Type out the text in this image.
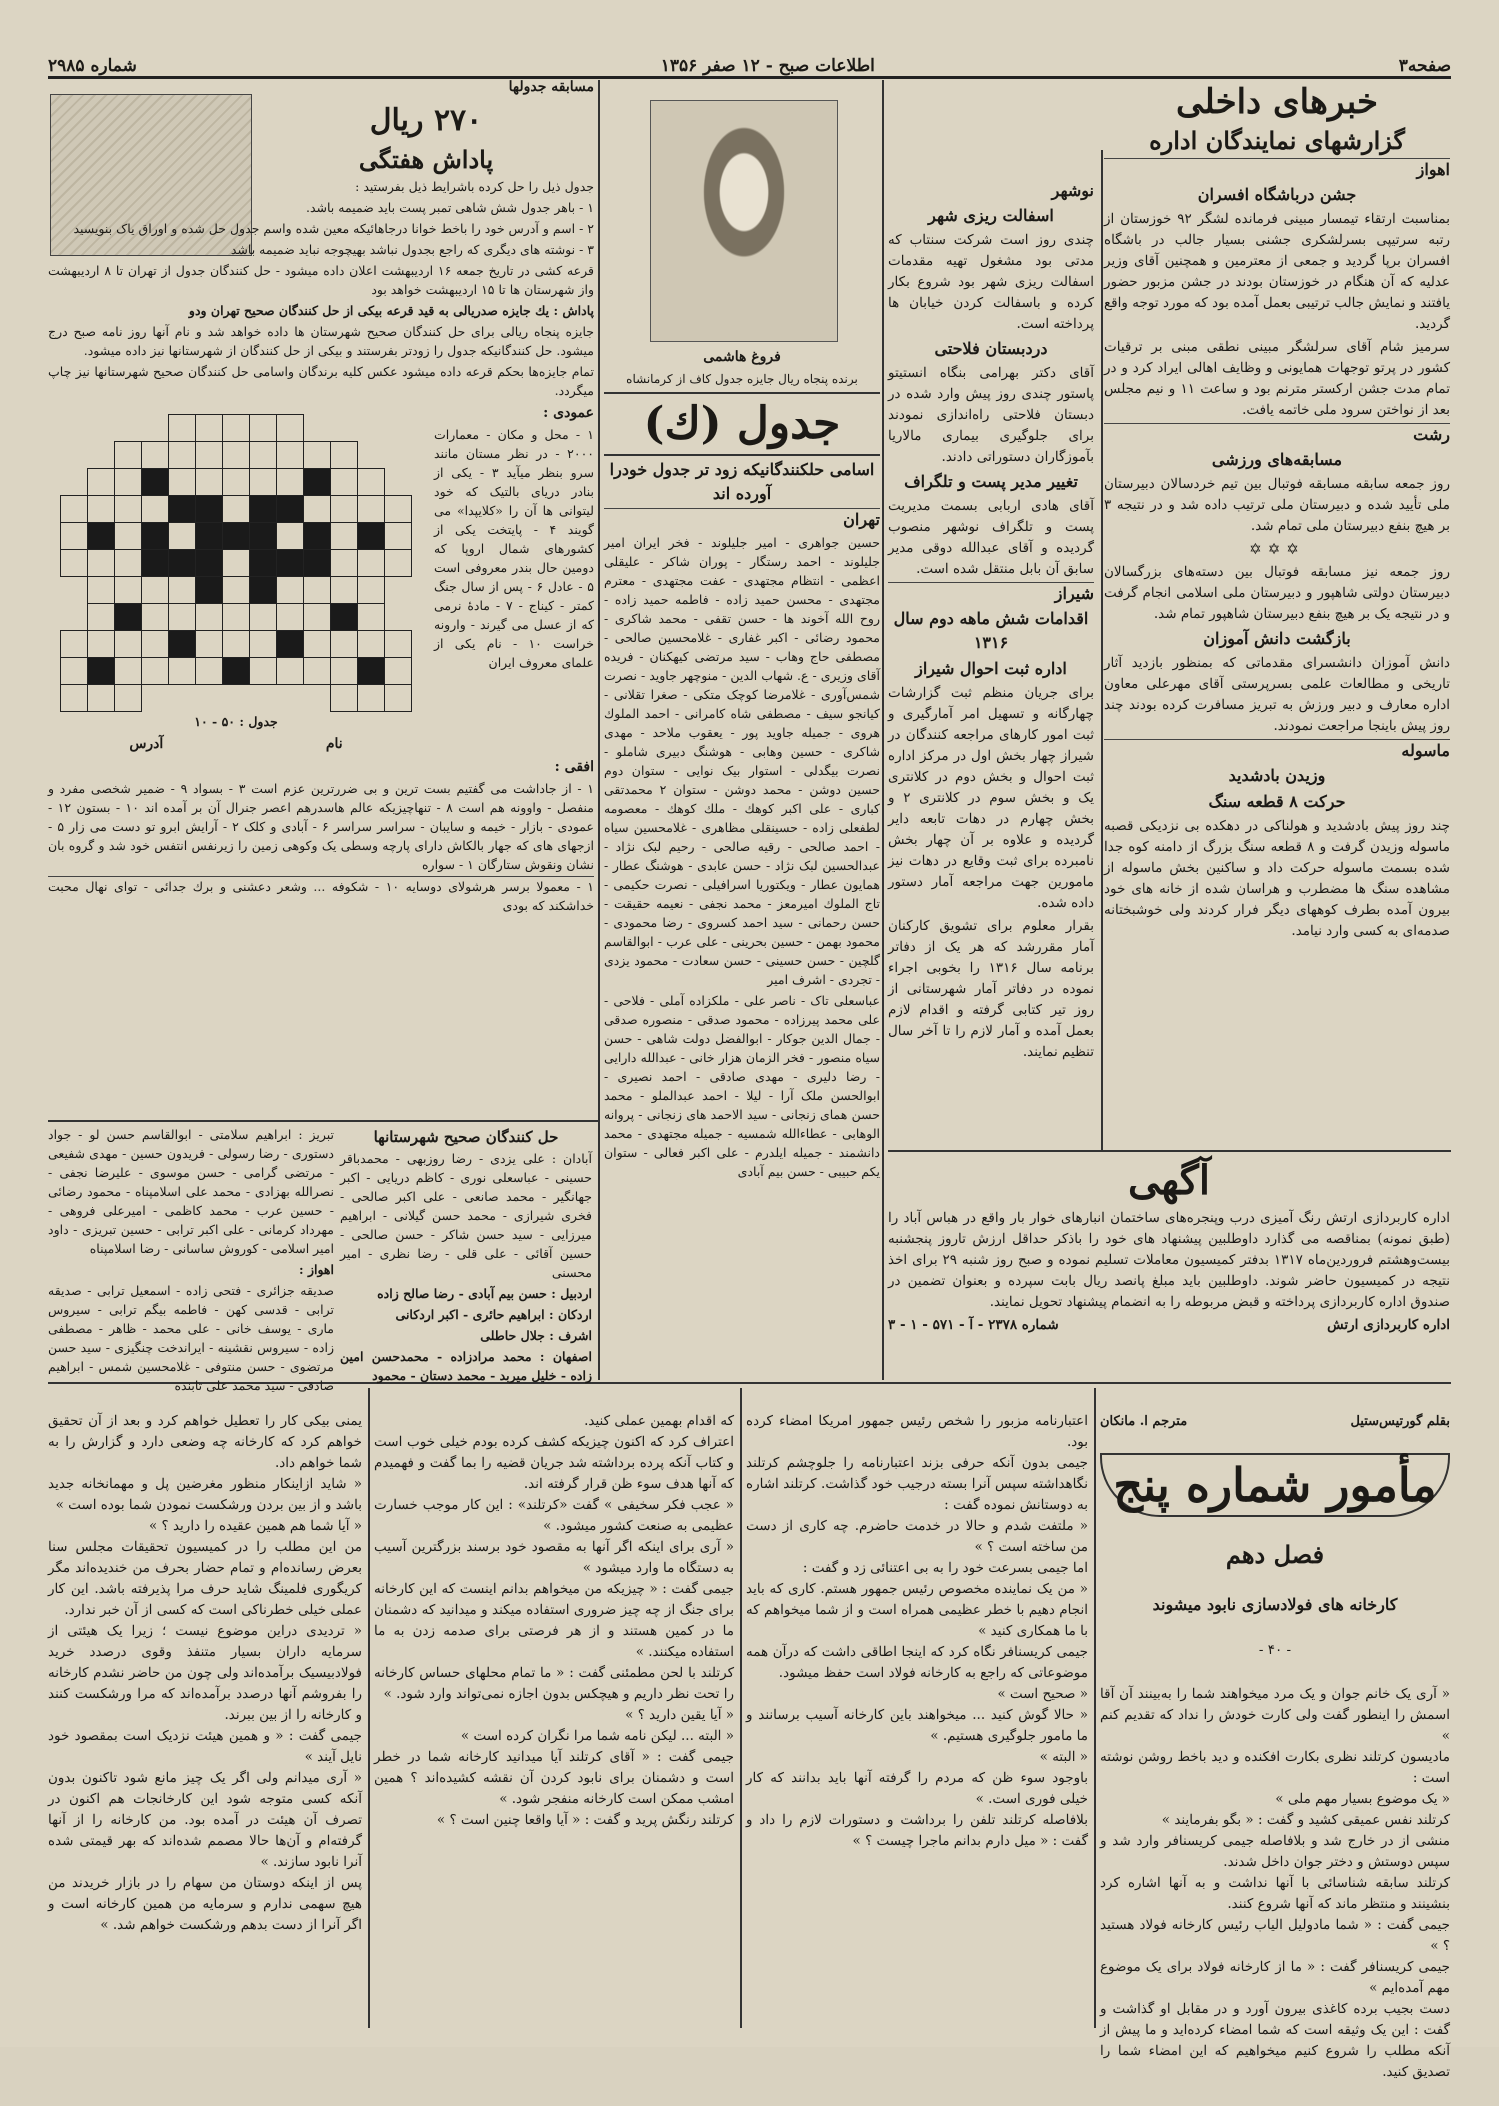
صفحه۳
اطلاعات صبح - ۱۲ صفر ۱۳۵۶
شماره ۲۹۸۵

خبرهای داخلی

گزارشهای نمایندگان اداره

اهواز

جشن درباشگاه افسران

بمناسبت ارتقاء تیمسار مبینی فرمانده لشگر ۹۲ خوزستان از رتبه سرتیپی بسرلشکری جشنی بسیار جالب در باشگاه افسران برپا گردید و جمعی از معترمین و همچنین آقای وزیر عدلیه که آن هنگام در خوزستان بودند در جشن مزبور حضور یافتند و نمایش جالب ترتیبی بعمل آمده بود که مورد توجه واقع گردید.

سرمیز شام آقای سرلشگر مبینی نطقی مبنی بر ترقیات کشور در پرتو توجهات همایونی و وظایف اهالی ایراد کرد و در تمام مدت جشن ارکستر مترنم بود و ساعت ۱۱ و نیم مجلس بعد از نواختن سرود ملی خاتمه یافت.

رشت

مسابقه‌های ورزشی

روز جمعه سابقه مسابقه فوتبال بین تیم خردسالان دبیرستان ملی تأیید شده و دبیرستان ملی ترتیب داده شد و در نتیجه ۳ بر هیچ بنفع دبیرستان ملی تمام شد.

✡✡✡

روز جمعه نیز مسابقه فوتبال بین دسته‌های بزرگسالان دبیرستان دولتی شاهپور و دبیرستان ملی اسلامی انجام گرفت و در نتیجه یک بر هیچ بنفع دبیرستان شاهپور تمام شد.

بازگشت دانش آموزان

دانش آموزان دانشسرای مقدماتی که بمنظور بازدید آثار تاریخی و مطالعات علمی بسرپرستی آقای مهرعلی معاون اداره معارف و دبیر ورزش به تبریز مسافرت کرده بودند چند روز پیش باینجا مراجعت نمودند.

ماسوله

وزیدن بادشدید

حرکت ۸ قطعه سنگ

چند روز پیش بادشدید و هولناکی در دهکده بی نزدیکی قصبه ماسوله وزیدن گرفت و ۸ قطعه سنگ بزرگ از دامنه کوه جدا شده بسمت ماسوله حرکت داد و ساکنین بخش ماسوله از مشاهده سنگ ها مضطرب و هراسان شده از خانه های خود بیرون آمده بطرف کوههای دیگر فرار کردند ولی خوشبختانه صدمه‌ای به کسی وارد نیامد.

نوشهر

اسفالت ریزی شهر

چندی روز است شرکت سنتاب که مدتی بود مشغول تهیه مقدمات اسفالت ریزی شهر بود شروع بکار کرده و باسفالت کردن خیابان ها پرداخته است.

دردبستان فلاحتی

آقای دکتر بهرامی بنگاه انستیتو پاستور چندی روز پیش وارد شده در دبستان فلاحتی راه‌اندازی نمودند برای جلوگیری بیماری مالاریا بآموزگاران دستوراتی دادند.

تغییر مدیر پست و تلگراف

آقای هادی اربابی بسمت مدیریت پست و تلگراف نوشهر منصوب گردیده و آقای عبدالله دوقی مدیر سابق آن بابل منتقل شده است.

شیراز

اقدامات شش ماهه دوم سال ۱۳۱۶

اداره ثبت احوال شیراز

برای جریان منظم ثبت گزارشات چهارگانه و تسهیل امر آمارگیری و ثبت امور کارهای مراجعه کنندگان در شیراز چهار بخش اول در مرکز اداره ثبت احوال و بخش دوم در کلانتری یک و بخش سوم در کلانتری ۲ و بخش چهارم در دهات تابعه دایر گردیده و علاوه بر آن چهار بخش نامبرده برای ثبت وقایع در دهات نیز مامورین جهت مراجعه آمار دستور داده شده.

بقرار معلوم برای تشویق کارکنان آمار مقررشد که هر یک از دفاتر برنامه سال ۱۳۱۶ را بخوبی اجراء نموده در دفاتر آمار شهرستانی از روز تیر کتابی گرفته و اقدام لازم بعمل آمده و آمار لازم را تا آخر سال تنظیم نمایند.

فروغ هاشمی

برنده پنجاه ریال جایزه جدول کاف از کرمانشاه

جدول (ك)

اسامی حلکنندگانیکه زود تر جدول خودرا آورده اند

تهران

حسین جواهری - امیر جلیلوند - فخر ایران امیر جلیلوند - احمد رستگار - پوران شاکر - علیقلی اعظمی - انتظام مجتهدی - عفت مجتهدی - معترم مجتهدی - محسن حمید زاده - فاطمه حمید زاده - روح الله آخوند ها - حسن تقفی - محمد شاکری - محمود رضائی - اکبر غفاری - غلامحسین صالحی - مصطفی حاج وهاب - سید مرتضی کیهکنان - فریده آقای وزیری - ع. شهاب الدین - منوچهر جاوید - نصرت شمس‌آوری - غلامرضا کوچک متکی - صغرا تقلانی - کیانجو سیف - مصطفی شاه کامرانی - احمد الملوك هروی - جمیله جاوید پور - یعقوب ملاحد - مهدی شاکری - حسین وهابی - هوشنگ دبیری شاملو - نصرت بیگدلی - استوار بیک نوایی - ستوان دوم حسین دوشن - محمد دوشن - ستوان ۲ محمدتقی کباری - علی اکبر کوهك - ملك کوهك - معصومه لطفعلی زاده - حسینقلی مظاهری - غلامحسین سیاه - احمد صالحی - رقیه صالحی - رحیم لبک نژاد - عبدالحسین لبک نژاد - حسن عابدی - هوشنگ عطار - همایون عطار - ویکتوریا اسرافیلی - نصرت حکیمی - تاج الملوك امیرمعز - محمد نجفی - نعیمه حقیقت - حسن رحمانی - سید احمد کسروی - رضا محمودی - محمود بهمن - حسین بحرینی - علی عرب - ابوالقاسم گلچین - حسن حسینی - حسن سعادت - محمود یزدی - تجردی - اشرف امیر

عباسعلی تاک - ناصر علی - ملکزاده آملی - فلاحی - علی محمد پیرزاده - محمود صدقی - منصوره صدقی - جمال الدین جوکار - ابوالفضل دولت شاهی - حسن سیاه منصور - فخر الزمان هزار خانی - عبدالله دارایی - رضا دلیری - مهدی صادقی - احمد نصیری - ابوالحسن ملک آرا - لیلا - احمد عبدالملو - محمد حسن همای زنجانی - سید الاحمد های زنجانی - پروانه الوهابی - عطاءالله شمسیه - جمیله مجتهدی - محمد دانشمند - جمیله ایلدرم - علی اکبر فعالی - ستوان یکم حبیبی - حسن بیم آبادی

حل کنندگان صحیح شهرستانها

آبادان : علی یزدی - رضا روزبهی - محمدباقر حسینی - عباسعلی نوری - کاظم دریایی - اکبر جهانگیر - محمد صانعی - علی اکبر صالحی - فخری شیرازی - محمد حسن گیلانی - ابراهیم میرزایی - سید حسن شاکر - حسن صالحی - حسین آقائی - علی قلی - رضا نظری - امیر محسنی

اردبیل : حسن بیم آبادی - رضا صالح زاده

اردکان : ابراهیم حائری - اکبر اردکانی

اشرف : جلال حاطلی

اصفهان : محمد مرادزاده - محمدحسن امین زاده - خلیل میربد - محمد دستان - محمود

تبریز : ابراهیم سلامتی - ابوالقاسم حسن لو - جواد دستوری - رضا رسولی - فریدون حسین - مهدی شفیعی - مرتضی گرامی - حسن موسوی - علیرضا نجفی - نصرالله بهزادی - محمد علی اسلامپناه - محمود رضائی - حسین عرب - محمد کاظمی - امیرعلی فروهی - مهرداد کرمانی - علی اکبر ترابی - حسین تبریزی - داود امیر اسلامی - کوروش ساسانی - رضا اسلامپناه

اهواز :

صدیقه جزائری - فتحی زاده - اسمعیل ترابی - صدیقه ترابی - قدسی کهن - فاطمه بیگم ترابی - سیروس ماری - یوسف خانی - علی محمد - ظاهر - مصطفی زاده - سیروس نقشینه - ایراندخت چنگیزی - سید حسن مرتضوی - حسن منتوفی - غلامحسین شمس - ابراهیم صادقی - سید محمد علی تابنده

مسابقه جدولها

۲۷۰ ریال

پاداش هفتگی

جدول ذیل را حل کرده باشرایط ذیل بفرستید :

۱ - باهر جدول شش شاهی تمبر پست باید ضمیمه باشد.

۲ - اسم و آدرس خود را باخط خوانا درجاهائیکه معین شده واسم جدول حل شده و اوراق یاک بنویسید

۳ - نوشته های دیگری که راجع بجدول نباشد بهیچوجه نباید ضمیمه باشد

قرعه کشی در تاریخ جمعه ۱۶ اردیبهشت اعلان داده میشود - حل کنندگان جدول از تهران تا ۸ اردیبهشت واز شهرستان ها تا ۱۵ اردیبهشت خواهد بود

پاداش : یك جایزه صدریالی به قید قرعه بیکی از حل کنندگان صحیح تهران ودو

جایزه پنجاه ریالی برای حل کنندگان صحیح شهرستان ها داده خواهد شد و نام آنها روز نامه صبح درج میشود. حل کنندگانیکه جدول را زودتر بفرستند و بیکی از حل کنندگان از شهرستانها نیز داده میشود.

تمام جایزه‌ها بحکم قرعه داده میشود عکس کلیه برندگان واسامی حل کنندگان صحیح شهرستانها نیز چاپ میگردد.

عمودی :

۱ - محل و مکان - معمارات ۲۰۰۰ - در نظر مستان مانند سرو بنظر میآید ۳ - یکی از بنادر دریای بالتیک که خود لیتوانی ها آن را «کلایپدا» می گویند ۴ - پایتخت یکی از کشورهای شمال اروپا که دومین حال بندر معروفی است ۵ - عادل ۶ - پس از سال جنگ کمتر - کیناج - ۷ - مادۀ نرمی که از عسل می گیرند - وارونه خراست ۱۰ - نام یکی از علمای معروف ایران

جدول : ۵۰ - ۱۰

نام
آدرس

افقی :

۱ - از جاداشت می گفتیم بست ترین و بی ضررترین عزم است ۳ - بسواد ۹ - ضمیر شخصی مفرد و منفصل - واوونه هم است ۸ - تنهاچیزیکه عالم هاسدرهم اعصر جنرال آن بر آمده اند ۱۰ - بستون ۱۲ - عمودی - بازار - خیمه و سایبان - سراسر سراسر ۶ - آبادی و کلک ۲ - آرایش ابرو تو دست می زار ۵ - ازجهای های که جهار بالکاش دارای پارچه وسطی یک وکوهی زمین را زیرنفس انتفس خود شد و گروه بان نشان ونقوش ستارگان ۱ - سواره

۱ - معمولا برسر هرشولای دوسایه ۱۰ - شکوفه ... وشعر دعشنی و برك جدائی - توای نهال محبت خداشکند که بودی

آگهی

اداره کاربردازی ارتش رنگ آمیزی درب وپنجره‌های ساختمان انبارهای خوار بار واقع در هباس آباد را (طبق نمونه) بمناقصه می گذارد داوطلبین پیشنهاد های خود را باذکر حداقل ارزش تاروز پنجشنبه بیست‌وهشتم فروردین‌ماه ۱۳۱۷ بدفتر کمیسیون معاملات تسلیم نموده و صبح روز شنبه ۲۹ برای اخذ نتیجه در کمیسیون حاضر شوند. داوطلبین باید مبلغ پانصد ریال بابت سپرده و بعنوان تضمین در صندوق اداره کاربردازی پرداخته و قبض مربوطه را به انضمام پیشنهاد تحویل نمایند.

اداره کاربردازی ارتش
شماره ۲۳۷۸ - آ - ۵۷۱ - ۱ - ۳

بقلم گورتیس‌ستیل
مترجم ا. مانکان

مأمور شماره پنج

فصل دهم

کارخانه های فولادسازی نابود میشوند

- ۴۰ -

« آری یک خانم جوان و یک مرد میخواهند شما را به‌بینند آن آقا اسمش را اینطور گفت ولی کارت خودش را نداد که تقدیم کنم »
مادیسون کرتلند نظری بکارت افکنده و دید باخط روشن نوشته است :
« یک موضوع بسیار مهم ملی »
کرتلند نفس عمیقی کشید و گفت : « بگو بفرمایند »
منشی از در خارج شد و بلافاصله جیمی کریسنافر وارد شد و سپس دوستش و دختر جوان داخل شدند.
کرتلند سابقه شناسائی با آنها نداشت و به آنها اشاره کرد بنشینند و منتظر ماند که آنها شروع کنند.
جیمی گفت : « شما مادولیل الیاب رئیس کارخانه فولاد هستید ؟ »
جیمی کریسنافر گفت : « ما از کارخانه فولاد برای یک موضوع مهم آمده‌ایم »
دست بجیب برده کاغذی بیرون آورد و در مقابل او گذاشت و گفت : این یک وثیقه است که شما امضاء کرده‌اید و ما پیش از آنکه مطلب را شروع کنیم میخواهیم که این امضاء شما را تصدیق کنید.

اعتبارنامه مزبور را شخص رئیس جمهور امریکا امضاء کرده بود.
جیمی بدون آنکه حرفی بزند اعتبارنامه را جلوچشم کرتلند نگاهداشته سپس آنرا بسته درجیب خود گذاشت. کرتلند اشاره به دوستانش نموده گفت :
« ملتفت شدم و حالا در خدمت حاضرم. چه کاری از دست من ساخته است ؟ »
اما جیمی بسرعت خود را به بی اعتنائی زد و گفت :
« من یک نماینده مخصوص رئیس جمهور هستم. کاری که باید انجام دهیم با خطر عظیمی همراه است و از شما میخواهم که با ما همکاری کنید »
جیمی کریسنافر نگاه کرد که اینجا اطاقی داشت که درآن همه موضوعاتی که راجع به کارخانه فولاد است حفظ میشود.
« صحیح است »
« حالا گوش کنید ... میخواهند باین کارخانه آسیب برسانند و ما مامور جلوگیری هستیم. »
« البته »
باوجود سوء ظن که مردم را گرفته آنها باید بدانند که کار خیلی فوری است. »
بلافاصله کرتلند تلفن را برداشت و دستورات لازم را داد و گفت : « میل دارم بدانم ماجرا چیست ؟ »

که اقدام بهمین عملی کنید.
اعتراف کرد که اکنون چیزیکه کشف کرده بودم خیلی خوب است و کتاب آنکه پرده برداشته شد جریان قضیه را بما گفت و فهمیدم که آنها هدف سوء ظن قرار گرفته اند.
« عجب فکر سخیفی » گفت «کرتلند» : این کار موجب خسارت عظیمی به صنعت کشور میشود. »
« آری برای اینکه اگر آنها به مقصود خود برسند بزرگترین آسیب به دستگاه ما وارد میشود »
جیمی گفت : « چیزیکه من میخواهم بدانم اینست که این کارخانه برای جنگ از چه چیز ضروری استفاده میکند و میدانید که دشمنان ما در کمین هستند و از هر فرصتی برای صدمه زدن به ما استفاده میکنند. »
کرتلند با لحن مطمئنی گفت : « ما تمام محلهای حساس کارخانه را تحت نظر داریم و هیچکس بدون اجازه نمی‌تواند وارد شود. »
« آیا یقین دارید ؟ »
« البته ... لیکن نامه شما مرا نگران کرده است »
جیمی گفت : « آقای کرتلند آیا میدانید کارخانه شما در خطر است و دشمنان برای نابود کردن آن نقشه کشیده‌اند ؟ همین امشب ممکن است کارخانه منفجر شود. »
کرتلند رنگش پرید و گفت : « آیا واقعا چنین است ؟ »

یمنی بیکی کار را تعطیل خواهم کرد و بعد از آن تحقیق خواهم کرد که کارخانه چه وضعی دارد و گزارش را به شما خواهم داد.
« شاید ازاینکار منظور مغرضین پل و مهمانخانه جدید باشد و از بین بردن ورشکست نمودن شما بوده است »
« آیا شما هم همین عقیده را دارید ؟ »
من این مطلب را در کمیسیون تحقیقات مجلس سنا بعرض رسانده‌ام و تمام حضار بحرف من خندیده‌اند مگر کریگوری فلمینگ شاید حرف مرا پذیرفته باشد. این کار عملی خیلی خطرناکی است که کسی از آن خبر ندارد.
« تردیدی دراین موضوع نیست ؛ زیرا یک هیئتی از سرمایه داران بسیار متنفذ وقوی درصدد خرید فولادبیسیک برآمده‌اند ولی چون من حاضر نشدم کارخانه را بفروشم آنها درصدد برآمده‌اند که مرا ورشکست کنند و کارخانه را از بین ببرند.
جیمی گفت : « و همین هیئت نزدیک است بمقصود خود نایل آیند »
« آری میدانم ولی اگر یک چیز مانع شود تاکنون بدون آنکه کسی متوجه شود این کارخانجات هم اکنون در تصرف آن هیئت در آمده بود. من کارخانه را از آنها گرفته‌ام و آن‌ها حالا مصمم شده‌اند که بهر قیمتی شده آنرا نابود سازند. »
پس از اینکه دوستان من سهام را در بازار خریدند من هیچ سهمی ندارم و سرمایه من همین کارخانه است و اگر آنرا از دست بدهم ورشکست خواهم شد. »
